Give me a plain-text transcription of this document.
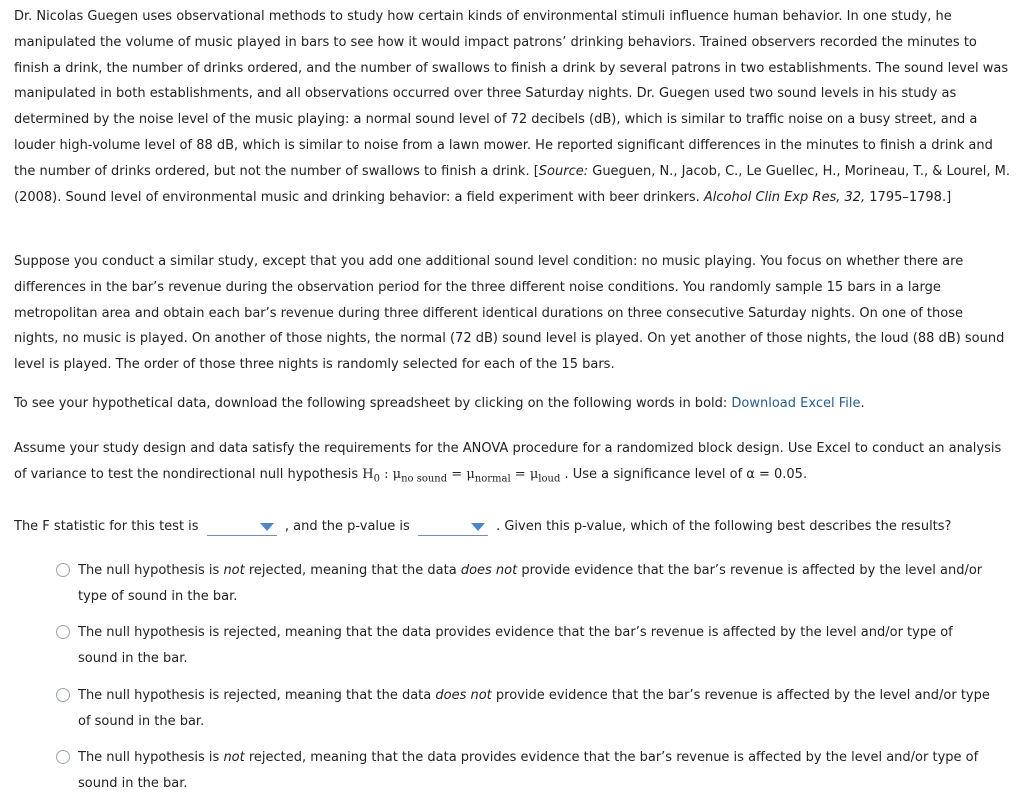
Dr. Nicolas Guegen uses observational methods to study how certain kinds of environmental stimuli influence human behavior. In one study, he manipulated the volume of music played in bars to see how it would impact patrons’ drinking behaviors. Trained observers recorded the minutes to finish a drink, the number of drinks ordered, and the number of swallows to finish a drink by several patrons in two establishments. The sound level was manipulated in both establishments, and all observations occurred over three Saturday nights. Dr. Guegen used two sound levels in his study as determined by the noise level of the music playing: a normal sound level of 72 decibels (dB), which is similar to traffic noise on a busy street, and a louder high-volume level of 88 dB, which is similar to noise from a lawn mower. He reported significant differences in the minutes to finish a drink and the number of drinks ordered, but not the number of swallows to finish a drink. [Source: Gueguen, N., Jacob, C., Le Guellec, H., Morineau, T., & Lourel, M. (2008). Sound level of environmental music and drinking behavior: a field experiment with beer drinkers. Alcohol Clin Exp Res, 32, 1795–1798.]

Suppose you conduct a similar study, except that you add one additional sound level condition: no music playing. You focus on whether there are differences in the bar’s revenue during the observation period for the three different noise conditions. You randomly sample 15 bars in a large metropolitan area and obtain each bar’s revenue during three different identical durations on three consecutive Saturday nights. On one of those nights, no music is played. On another of those nights, the normal (72 dB) sound level is played. On yet another of those nights, the loud (88 dB) sound level is played. The order of those three nights is randomly selected for each of the 15 bars.

To see your hypothetical data, download the following spreadsheet by clicking on the following words in bold: Download Excel File.

Assume your study design and data satisfy the requirements for the ANOVA procedure for a randomized block design. Use Excel to conduct an analysis of variance to test the nondirectional null hypothesis $H_0$ : $\mu_{no sound} = \mu_{normal} = \mu_{loud}$ . Use a significance level of α = 0.05.

The F statistic for this test is	, and the p-value is	. Given this p-value, which of the following best describes the results?
The null hypothesis is not rejected, meaning that the data does not provide evidence that the bar’s revenue is affected by the level and/or type of sound in the bar.
The null hypothesis is rejected, meaning that the data provides evidence that the bar’s revenue is affected by the level and/or type of sound in the bar.
The null hypothesis is rejected, meaning that the data does not provide evidence that the bar’s revenue is affected by the level and/or type of sound in the bar.
The null hypothesis is not rejected, meaning that the data provides evidence that the bar’s revenue is affected by the level and/or type of sound in the bar.
